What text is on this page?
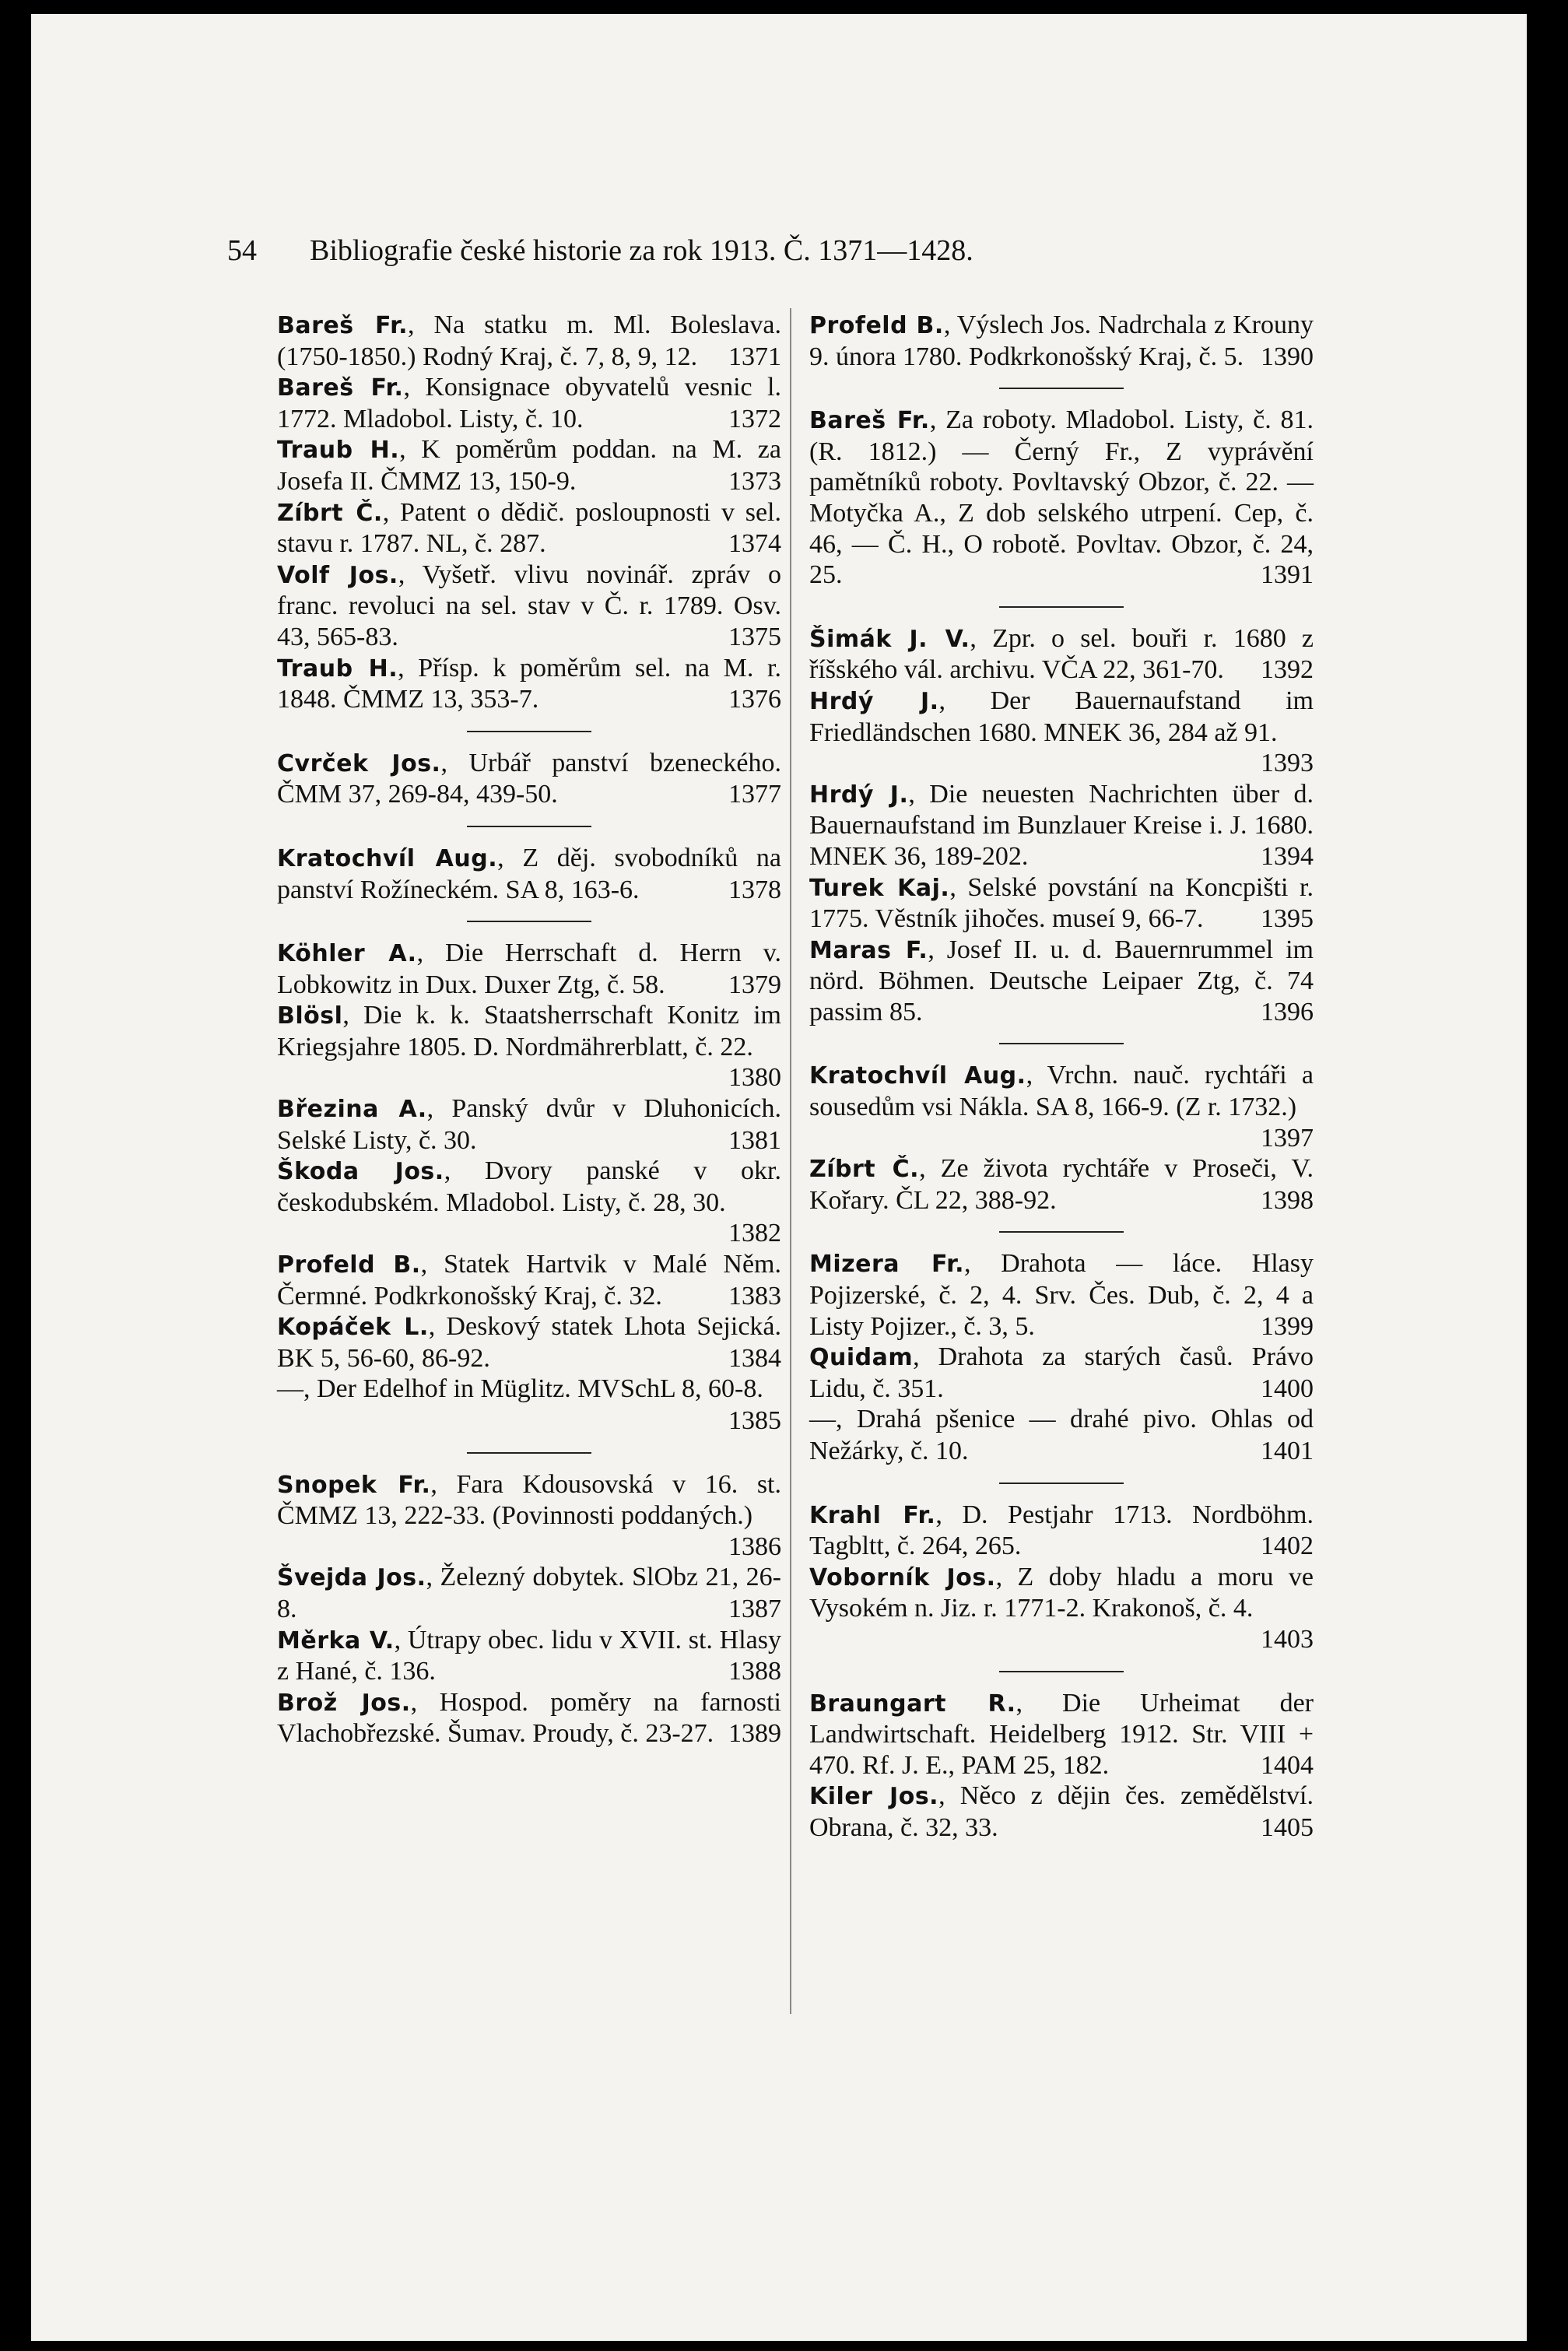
54 Bibliografie české historie za rok 1913. Č. 1371—1428.
Bareš Fr., Na statku m. Ml. Boleslava. (1750-1850.) Rodný Kraj, č. 7, 8, 9, 12. 1371
Bareš Fr., Konsignace obyvatelů vesnic l. 1772. Mladobol. Listy, č. 10.	1372
Traub H., K poměrům poddan. na M. za Josefa II. ČMMZ 13, 150-9.	1373
Zíbrt Č., Patent o dědič. posloupnosti v sel. stavu r. 1787. NL, č. 287.	1374
Volf Jos., Vyšetř. vlivu novinář. zpráv o franc. revoluci na sel. stav v Č. r. 1789. Osv. 43, 565-83.	1375
Traub H., Přísp. k poměrům sel. na M. r. 1848. ČMMZ 13, 353-7.	1376
Cvrček Jos., Urbář panství bzeneckého. ČMM 37, 269-84, 439-50.	1377
Kratochvíl Aug., Z děj. svobodníků na panství Rožíneckém. SA 8, 163-6.	1378
Köhler A., Die Herrschaft d. Herrn v. Lobkowitz in Dux. Duxer Ztg, č. 58. 1379
Blösl, Die k. k. Staatsherrschaft Konitz im Kriegsjahre 1805. D. Nordmährerblatt, č. 22.
1380
Březina A., Panský dvůr v Dluhonicích. Selské Listy, č. 30.	1381
Škoda Jos., Dvory panské v okr. českodubském. Mladobol. Listy, č. 28, 30.
1382
Profeld B., Statek Hartvik v Malé Něm. Čermné. Podkrkonošský Kraj, č. 32.	1383
Kopáček L., Deskový statek Lhota Sejická. BK 5, 56-60, 86-92.	1384
—, Der Edelhof in Müglitz. MVSchL 8, 60-8.
1385
Snopek Fr., Fara Kdousovská v 16. st. ČMMZ 13, 222-33. (Povinnosti poddaných.)
1386
Švejda Jos., Železný dobytek. SlObz 21, 26-8.	1387
Měrka V., Útrapy obec. lidu v XVII. st. Hlasy z Hané, č. 136.	1388
Brož Jos., Hospod. poměry na farnosti Vlachobřezské. Šumav. Proudy, č. 23-27. 1389
Profeld B., Výslech Jos. Nadrchala z Krouny 9. února 1780. Podkrkonošský Kraj, č. 5. 1390
Bareš Fr., Za roboty. Mladobol. Listy, č. 81. (R. 1812.) — Černý Fr., Z vyprávění pamětníků roboty. Povltavský Obzor, č. 22. — Motyčka A., Z dob selského utrpení. Cep, č. 46, — Č. H., O robotě. Povltav. Obzor, č. 24, 25.	1391
Šimák J. V., Zpr. o sel. bouři r. 1680 z říšského vál. archivu. VČA 22, 361-70. 1392
Hrdý J., Der Bauernaufstand im Friedländschen 1680. MNEK 36, 284 až 91.
1393
Hrdý J., Die neuesten Nachrichten über d. Bauernaufstand im Bunzlauer Kreise i. J. 1680. MNEK 36, 189-202.	1394
Turek Kaj., Selské povstání na Koncpišti r. 1775. Věstník jihočes. museí 9, 66-7. 1395
Maras F., Josef II. u. d. Bauernrummel im nörd. Böhmen. Deutsche Leipaer Ztg, č. 74 passim 85.	1396
Kratochvíl Aug., Vrchn. nauč. rychtáři a sousedům vsi Nákla. SA 8, 166-9. (Z r. 1732.)
1397
Zíbrt Č., Ze života rychtáře v Proseči, V. Kořary. ČL 22, 388-92.	1398
Mizera Fr., Drahota — láce. Hlasy Pojizerské, č. 2, 4. Srv. Čes. Dub, č. 2, 4 a Listy Pojizer., č. 3, 5.	1399
Quidam, Drahota za starých časů. Právo Lidu, č. 351.	1400
—, Drahá pšenice — drahé pivo. Ohlas od Nežárky, č. 10.	1401
Krahl Fr., D. Pestjahr 1713. Nordböhm. Tagbltt, č. 264, 265.	1402
Voborník Jos., Z doby hladu a moru ve Vysokém n. Jiz. r. 1771-2. Krakonoš, č. 4.
1403
Braungart R., Die Urheimat der Landwirtschaft. Heidelberg 1912. Str. VIII + 470. Rf. J. E., PAM 25, 182.	1404
Kiler Jos., Něco z dějin čes. zemědělství. Obrana, č. 32, 33.	1405
